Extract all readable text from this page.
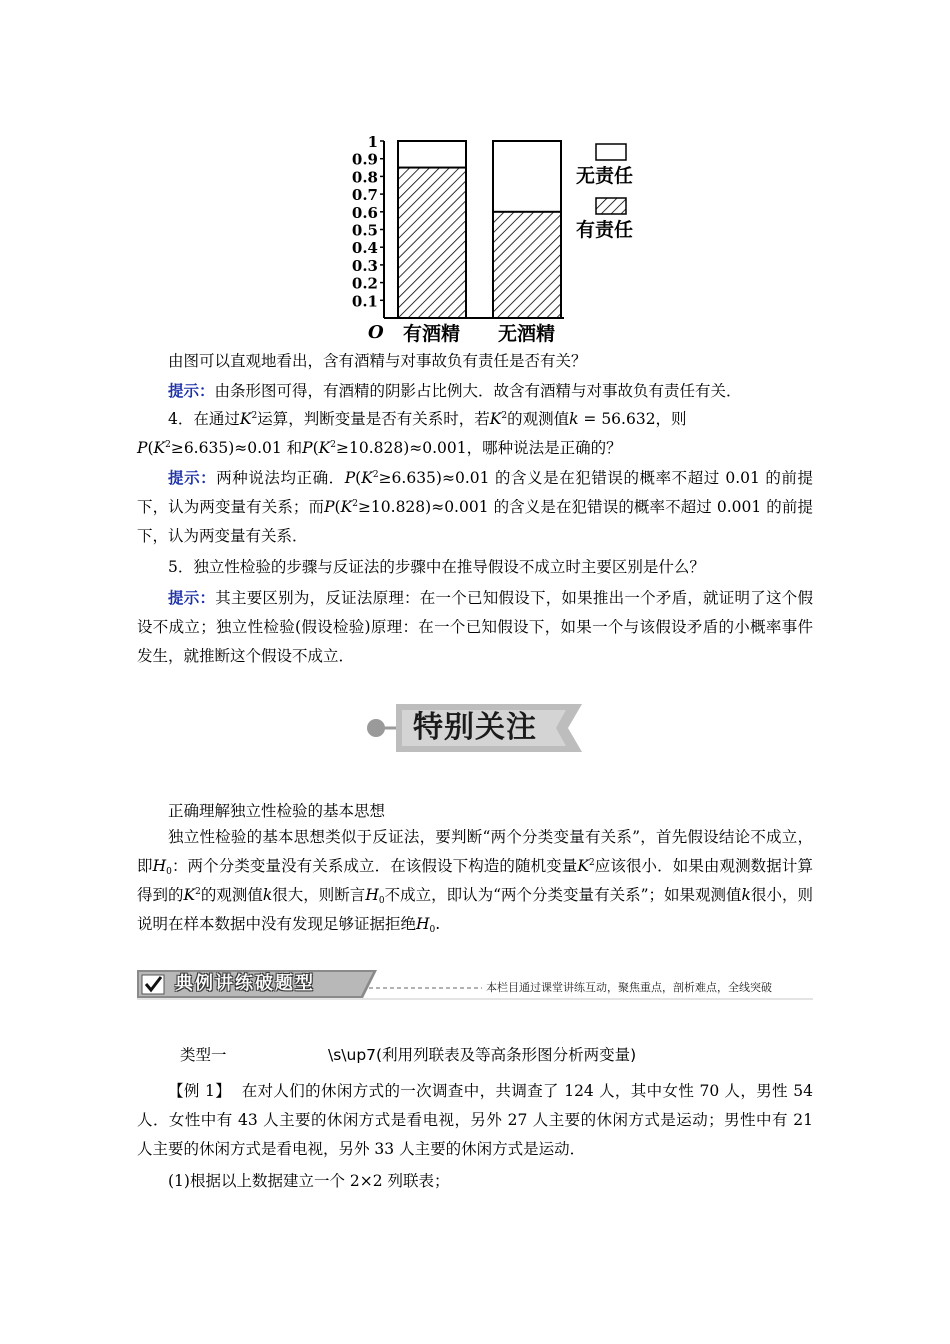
1
0.9
0.8
0.7
0.6
0.5
0.4
0.3
0.2
0.1
O 有酒精 无酒精
无责任
有责任

由图可以直观地看出，含有酒精与对事故负有责任是否有关？

提示：由条形图可得，有酒精的阴影占比例大．故含有酒精与对事故负有责任有关．

4．在通过$K^2$运算，判断变量是否有关系时，若$K^2$的观测值k = 56.632，则
$P(K^2\ge 6.635)\approx 0.01$ 和$P(K^2\ge 10.828)\approx 0.001$，哪种说法是正确的？

提示：两种说法均正确．$P(K^2\ge 6.635)\approx 0.01$ 的含义是在犯错误的概率不超过 0.01 的前提下，认为两变量有关系；而$P(K^2\ge 10.828)\approx 0.001$ 的含义是在犯错误的概率不超过 0.001 的前提下，认为两变量有关系．

5．独立性检验的步骤与反证法的步骤中在推导假设不成立时主要区别是什么？

提示：其主要区别为，反证法原理：在一个已知假设下，如果推出一个矛盾，就证明了这个假设不成立；独立性检验(假设检验)原理：在一个已知假设下，如果一个与该假设矛盾的小概率事件发生，就推断这个假设不成立．

特别关注

正确理解独立性检验的基本思想

独立性检验的基本思想类似于反证法，要判断“两个分类变量有关系”，首先假设结论不成立，即$H_0$：两个分类变量没有关系成立．在该假设下构造的随机变量$K^2$应该很小．如果由观测数据计算得到的$K^2$的观测值k很大，则断言$H_0$不成立，即认为“两个分类变量有关系”；如果观测值k很小，则说明在样本数据中没有发现足够证据拒绝$H_0$.

典例讲练破题型	本栏目通过课堂讲练互动，聚焦重点，剖析难点，全线突破
类型一	\s\up7(利用列联表及等高条形图分析两变量)

【例 1】 在对人们的休闲方式的一次调查中，共调查了 124 人，其中女性 70 人，男性 54 人．女性中有 43 人主要的休闲方式是看电视，另外 27 人主要的休闲方式是运动；男性中有 21 人主要的休闲方式是看电视，另外 33 人主要的休闲方式是运动．

(1)根据以上数据建立一个 2×2 列联表；
